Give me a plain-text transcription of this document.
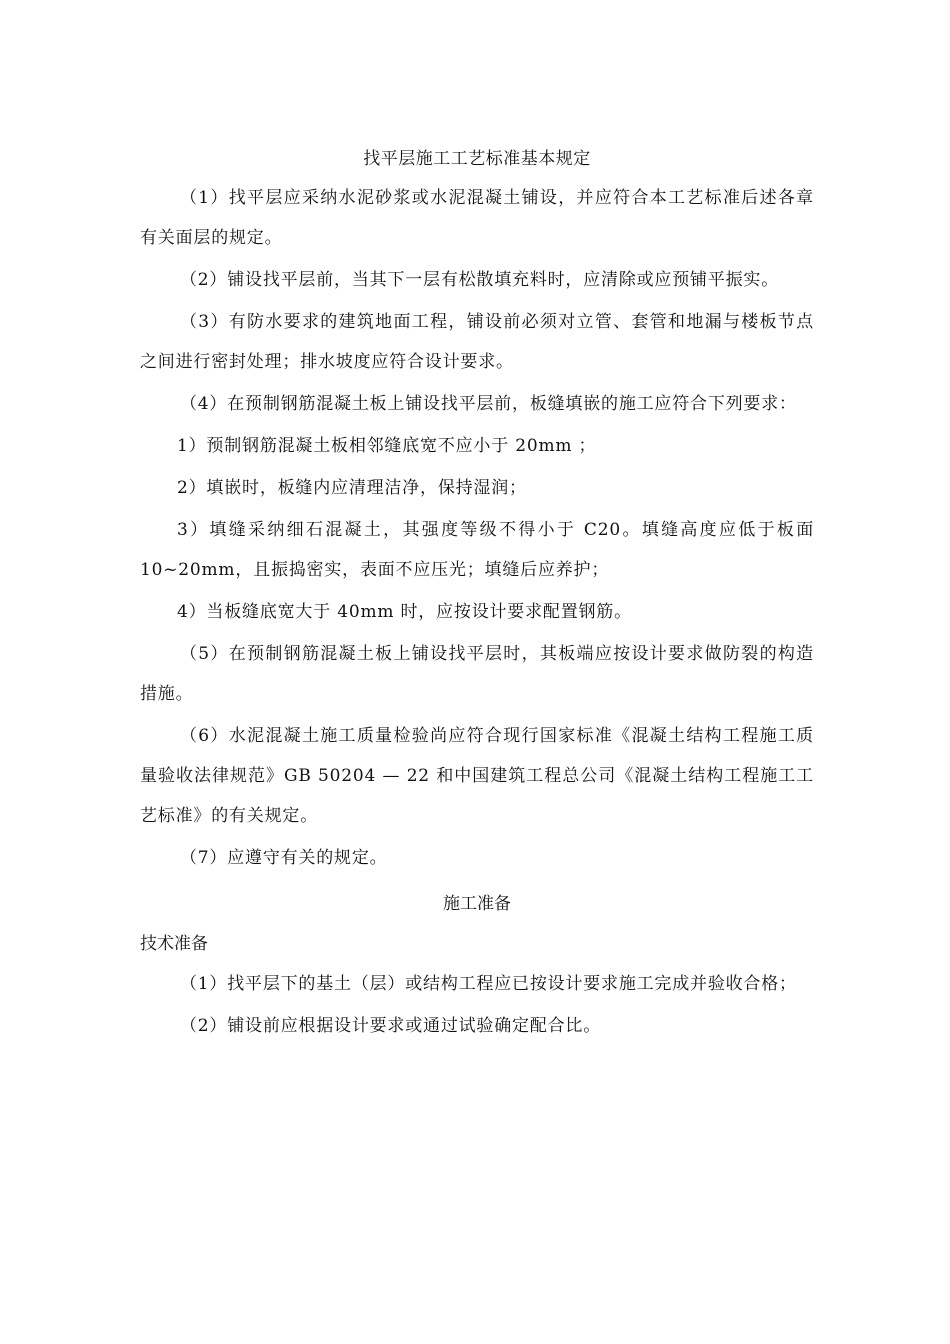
找平层施工工艺标准基本规定

（1）找平层应采纳水泥砂浆或水泥混凝土铺设，并应符合本工艺标准后述各章有关面层的规定。

（2）铺设找平层前，当其下一层有松散填充料时，应清除或应预铺平振实。

（3）有防水要求的建筑地面工程，铺设前必须对立管、套管和地漏与楼板节点之间进行密封处理；排水坡度应符合设计要求。

（4）在预制钢筋混凝土板上铺设找平层前，板缝填嵌的施工应符合下列要求：

1）预制钢筋混凝土板相邻缝底宽不应小于 20mm ；

2）填嵌时，板缝内应清理洁净，保持湿润；

3）填缝采纳细石混凝土，其强度等级不得小于 C20。填缝高度应低于板面 10~20mm，且振捣密实，表面不应压光；填缝后应养护；

4）当板缝底宽大于 40mm 时，应按设计要求配置钢筋。

（5）在预制钢筋混凝土板上铺设找平层时，其板端应按设计要求做防裂的构造措施。

（6）水泥混凝土施工质量检验尚应符合现行国家标准《混凝土结构工程施工质量验收法律规范》GB 50204 — 22 和中国建筑工程总公司《混凝土结构工程施工工艺标准》的有关规定。

（7）应遵守有关的规定。

施工准备
技术准备

（1）找平层下的基土（层）或结构工程应已按设计要求施工完成并验收合格；

（2）铺设前应根据设计要求或通过试验确定配合比。
